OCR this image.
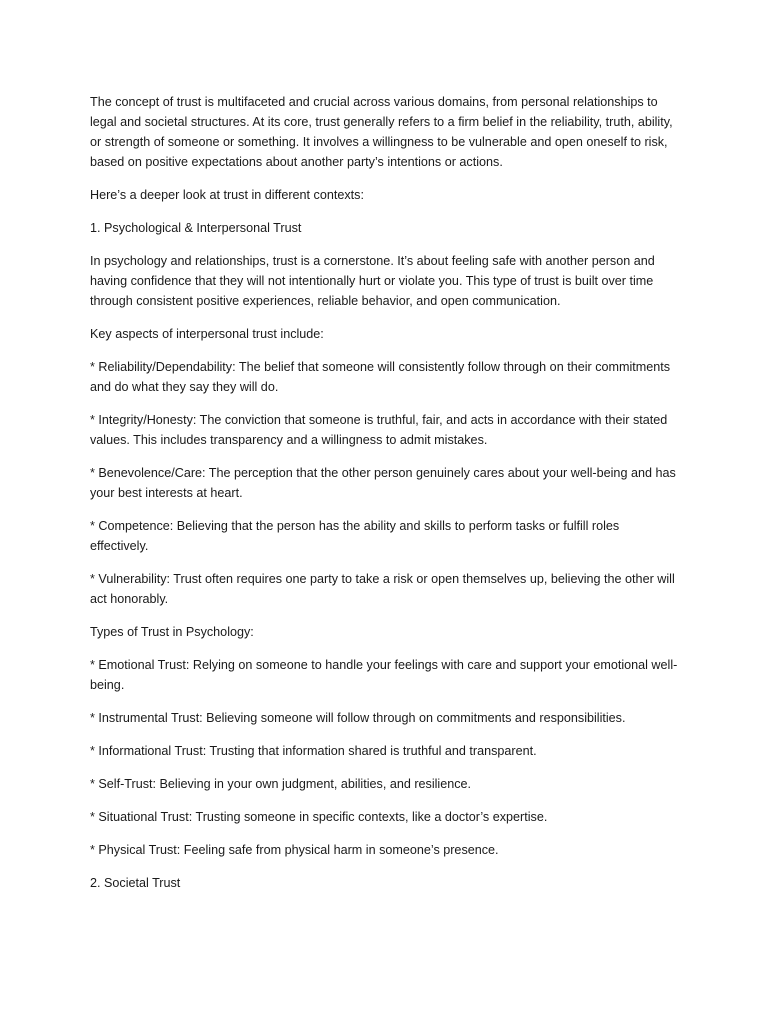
The concept of trust is multifaceted and crucial across various domains, from personal relationships to legal and societal structures. At its core, trust generally refers to a firm belief in the reliability, truth, ability, or strength of someone or something. It involves a willingness to be vulnerable and open oneself to risk, based on positive expectations about another party’s intentions or actions.

Here’s a deeper look at trust in different contexts:

1. Psychological & Interpersonal Trust

In psychology and relationships, trust is a cornerstone. It’s about feeling safe with another person and having confidence that they will not intentionally hurt or violate you. This type of trust is built over time through consistent positive experiences, reliable behavior, and open communication.

Key aspects of interpersonal trust include:

* Reliability/Dependability: The belief that someone will consistently follow through on their commitments and do what they say they will do.

* Integrity/Honesty: The conviction that someone is truthful, fair, and acts in accordance with their stated values. This includes transparency and a willingness to admit mistakes.

* Benevolence/Care: The perception that the other person genuinely cares about your well-being and has your best interests at heart.

* Competence: Believing that the person has the ability and skills to perform tasks or fulfill roles effectively.

* Vulnerability: Trust often requires one party to take a risk or open themselves up, believing the other will act honorably.

Types of Trust in Psychology:

* Emotional Trust: Relying on someone to handle your feelings with care and support your emotional well-being.

* Instrumental Trust: Believing someone will follow through on commitments and responsibilities.

* Informational Trust: Trusting that information shared is truthful and transparent.

* Self-Trust: Believing in your own judgment, abilities, and resilience.

* Situational Trust: Trusting someone in specific contexts, like a doctor’s expertise.

* Physical Trust: Feeling safe from physical harm in someone’s presence.

2. Societal Trust
